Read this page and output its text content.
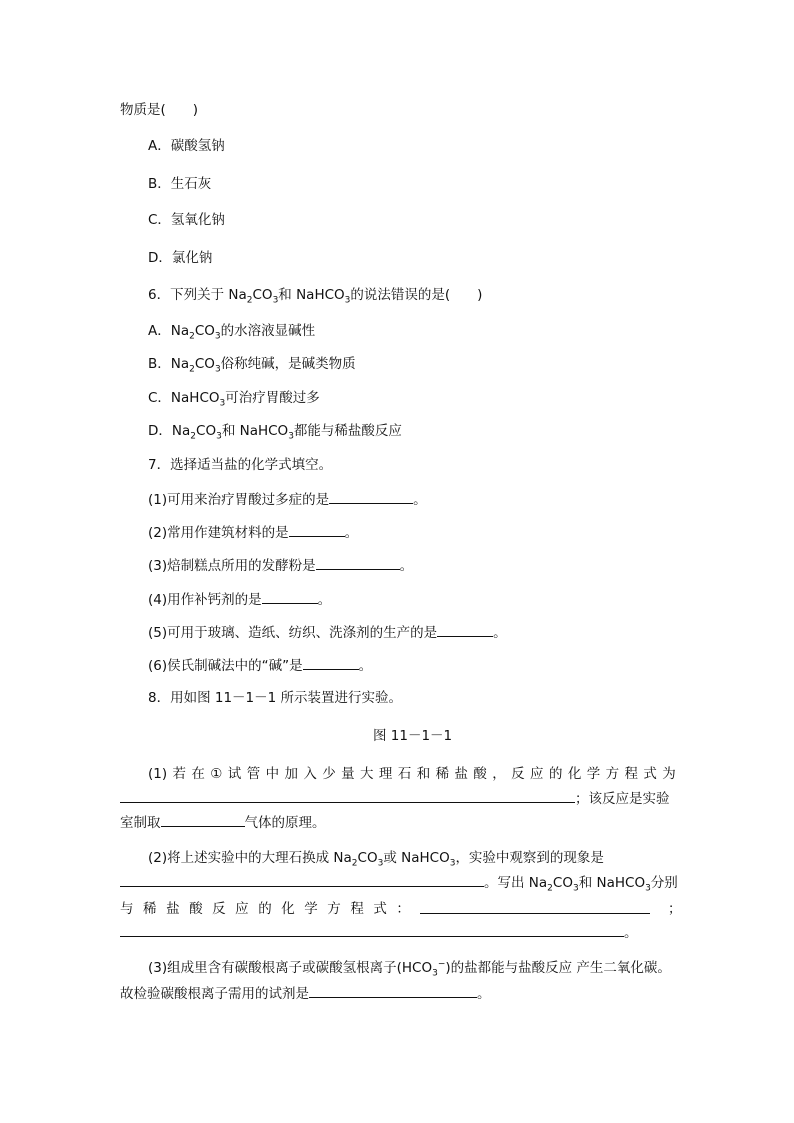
物质是(　　)
A．碳酸氢钠
B．生石灰
C．氢氧化钠
D．氯化钠
6．下列关于 $Na_2CO_3$和 NaHCO$_3$的说法错误的是(　　)
A．$Na_2CO_3$的水溶液显碱性
B．$Na_2CO_3$俗称纯碱，是碱类物质
C．NaHCO$_3$可治疗胃酸过多
D．$Na_2CO_3$和 NaHCO$_3$都能与稀盐酸反应
7．选择适当盐的化学式填空。
(1)可用来治疗胃酸过多症的是	。
(2)常用作建筑材料的是	。
(3)焙制糕点所用的发酵粉是	。
(4)用作补钙剂的是	。
(5)可用于玻璃、造纸、纺织、洗涤剂的生产的是	。
(6)侯氏制碱法中的“碱”是	。
8．用如图 11－1－1 所示装置进行实验。
图 11－1－1
(1) 若 在 ① 试 管 中 加 入 少 量 大 理 石 和 稀 盐 酸 ， 反 应 的 化 学 方 程 式 为
；该反应是实验
室制取	气体的原理。
(2)将上述实验中的大理石换成 $Na_2CO_3$或 NaHCO$_3$，实验中观察到的现象是
。写出 $Na_2CO_3$和 NaHCO$_3$分别
与 稀 盐 酸 反 应 的 化 学 方 程 式 ：	；
。
(3)组成里含有碳酸根离子或碳酸氢根离子$(HCO_3^-)$的盐都能与盐酸反应 产生二氧化碳。
故检验碳酸根离子需用的试剂是	。
